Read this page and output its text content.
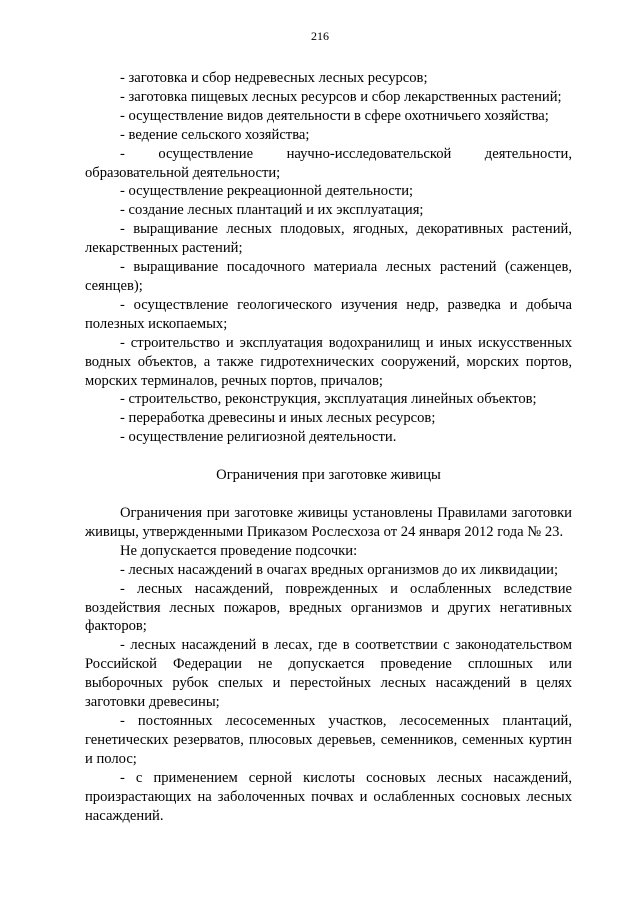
216

- заготовка и сбор недревесных лесных ресурсов;

- заготовка пищевых лесных ресурсов и сбор лекарственных растений;

- осуществление видов деятельности в сфере охотничьего хозяйства;

- ведение сельского хозяйства;

- осуществление научно-исследовательской деятельности, образовательной деятельности;

- осуществление рекреационной деятельности;

- создание лесных плантаций и их эксплуатация;

- выращивание лесных плодовых, ягодных, декоративных растений, лекарственных растений;

- выращивание посадочного материала лесных растений (саженцев, сеянцев);

- осуществление геологического изучения недр, разведка и добыча полезных ископаемых;

- строительство и эксплуатация водохранилищ и иных искусственных водных объектов, а также гидротехнических сооружений, морских портов, морских терминалов, речных портов, причалов;

- строительство, реконструкция, эксплуатация линейных объектов;

- переработка древесины и иных лесных ресурсов;

- осуществление религиозной деятельности.

Ограничения при заготовке живицы

Ограничения при заготовке живицы установлены Правилами заготовки живицы, утвержденными Приказом Рослесхоза от 24 января 2012 года № 23.

Не допускается проведение подсочки:

- лесных насаждений в очагах вредных организмов до их ликвидации;

- лесных насаждений, поврежденных и ослабленных вследствие воздействия лесных пожаров, вредных организмов и других негативных факторов;

- лесных насаждений в лесах, где в соответствии с законодательством Российской Федерации не допускается проведение сплошных или выборочных рубок спелых и перестойных лесных насаждений в целях заготовки древесины;

- постоянных лесосеменных участков, лесосеменных плантаций, генетических резерватов, плюсовых деревьев, семенников, семенных куртин и полос;

- с применением серной кислоты сосновых лесных насаждений, произрастающих на заболоченных почвах и ослабленных сосновых лесных насаждений.
